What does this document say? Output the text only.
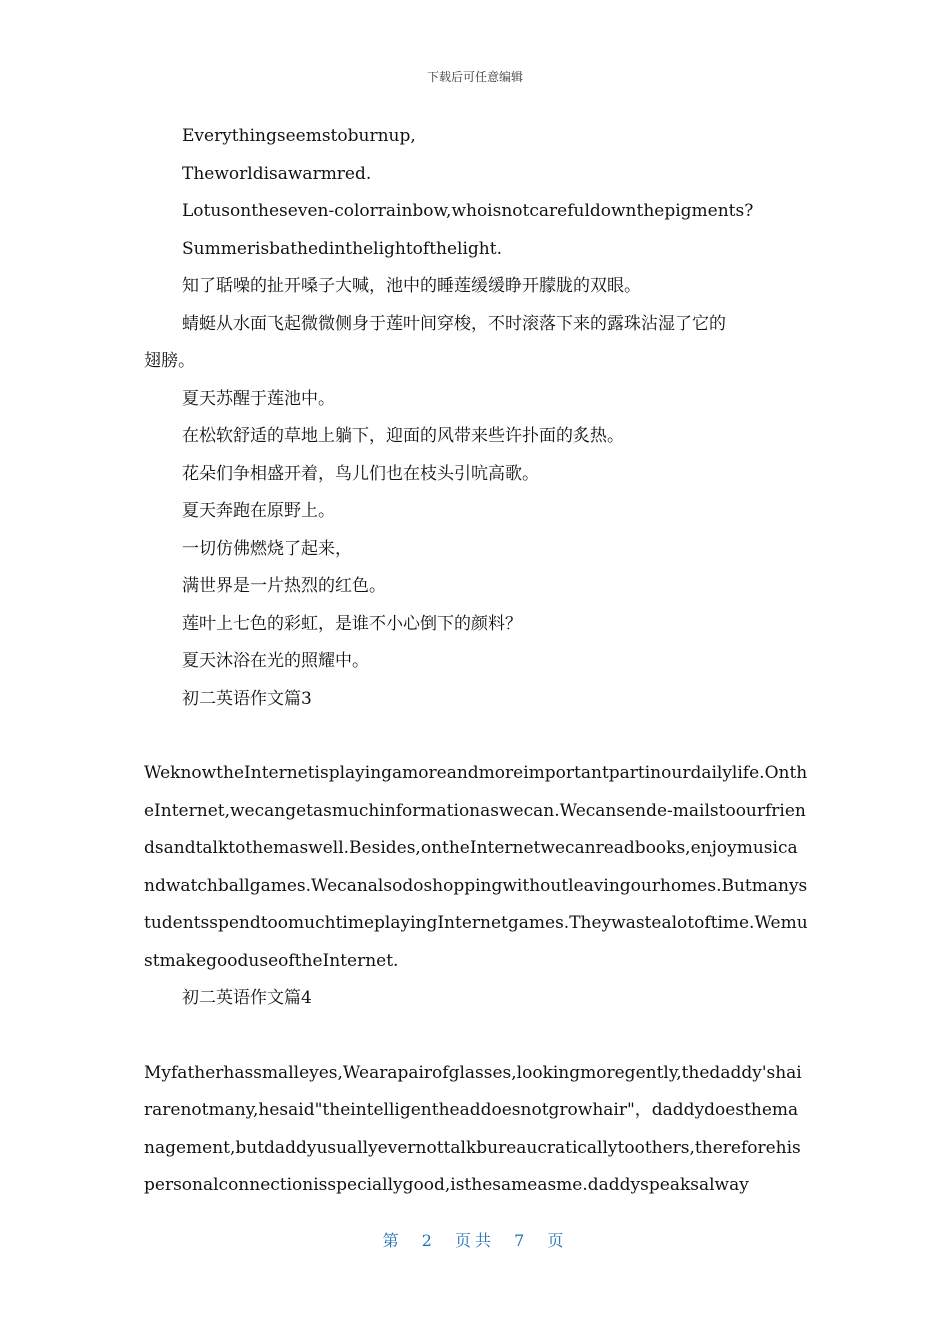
下载后可任意编辑
Everythingseemstoburnup,
Theworldisawarmred.
Lotusontheseven-colorrainbow,whoisnotcarefuldownthepigments?
Summerisbathedinthelightofthelight.
知了聒噪的扯开嗓子大喊，池中的睡莲缓缓睁开朦胧的双眼。
蜻蜓从水面飞起微微侧身于莲叶间穿梭，不时滚落下来的露珠沾湿了它的
翅膀。
夏天苏醒于莲池中。
在松软舒适的草地上躺下，迎面的风带来些许扑面的炙热。
花朵们争相盛开着，鸟儿们也在枝头引吭高歌。
夏天奔跑在原野上。
一切仿佛燃烧了起来，
满世界是一片热烈的红色。
莲叶上七色的彩虹，是谁不小心倒下的颜料？
夏天沐浴在光的照耀中。
初二英语作文篇3

WeknowtheInternetisplayingamoreandmoreimportantpartinourdailylife.OntheInternet,wecangetasmuchinformationaswecan.Wecansende-mailstoourfriendsandtalktothemaswell.Besides,ontheInternetwecanreadbooks,enjoymusicandwatchballgames.Wecanalsodoshoppingwithoutleavingourhomes.ButmanystudentsspendtoomuchtimeplayingInternetgames.Theywastealotoftime.WemustmakegooduseoftheInternet.

初二英语作文篇4

Myfatherhassmalleyes,Wearapairofglasses,lookingmoregently,thedaddy'shairarenotmany,hesaid"theintelligentheaddoesnotgrowhair"，daddydoesthemanagement,butdaddyusuallyevernottalkbureaucraticallytoothers,thereforehispersonalconnectionisspeciallygood,isthesameasme.daddyspeaksalway

第 2 页共 7 页
